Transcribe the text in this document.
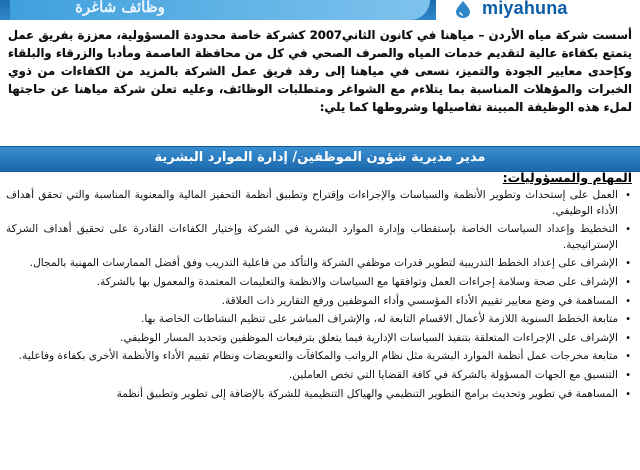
وظائف شاغرة	miyahuna
أسست شركة مياه الأردن – مياهنا في كانون الثاني2007 كشركة خاصة محدودة المسؤولية، معززة بفريق عمل يتمتع بكفاءة عالية لتقديم خدمات المياه والصرف الصحي في كل من محافظة العاصمة ومأدبا والزرقاء والبلقاء وكإحدى معايير الجودة والتميز، نسعى في مياهنا إلى رفد فريق عمل الشركة بالمزيد من الكفاءات من ذوي الخبرات والمؤهلات المناسبة بما يتلاءم مع الشواغر ومتطلبات الوظائف، وعليه تعلن شركة مياهنا عن حاجتها لملء هذه الوظيفة المبينة تفاصيلها وشروطها كما يلي:
مدير مديرية شؤون الموظفين/ إدارة الموارد البشرية
المهام والمسؤوليات:
•
العمل على إستحداث وتطوير الأنظمة والسياسات والإجراءات وإقتراح وتطبيق أنظمة التحفيز المالية والمعنوية المناسبة والتي تحقق أهداف الأداء الوظيفي.
•
التخطيط وإعداد السياسات الخاصة بإستقطاب وإدارة الموارد البشرية في الشركة وإختيار الكفاءات القادرة على تحقيق أهداف الشركة الإستراتيجية.
•
الإشراف على إعداد الخطط التدريبية لتطوير قدرات موظفي الشركة والتأكد من فاعلية التدريب وفق أفضل الممارسات المهنية بالمجال.
•
الإشراف على صحة وسلامة إجراءات العمل وتوافقها مع السياسات والانظمة والتعليمات المعتمدة والمعمول بها بالشركة.
•
المساهمة في وضع معايير تقييم الأداء المؤسسي وأداء الموظفين ورفع التقارير ذات العلاقة.
•
متابعة الخطط السنوية اللازمة لأعمال الاقسام التابعة له، والإشراف المباشر على تنظيم النشاطات الخاصة بها.
•
الإشراف على الإجراءات المتعلقة بتنفيذ السياسات الإدارية فيما يتعلق بترفيعات الموظفين وتحديد المسار الوظيفي.
•
متابعة مخرجات عمل أنظمة الموارد البشرية مثل نظام الرواتب والمكافآت والتعويضات ونظام تقييم الأداء والأنظمة الأخرى بكفاءة وفاعلية.
•
التنسيق مع الجهات المسؤولة بالشركة في كافة القضايا التي تخص العاملين.
•
المساهمة في تطوير وتحديث برامج التطوير التنظيمي والهياكل التنظيمية للشركة بالإضافة إلى تطوير وتطبيق أنظمة
